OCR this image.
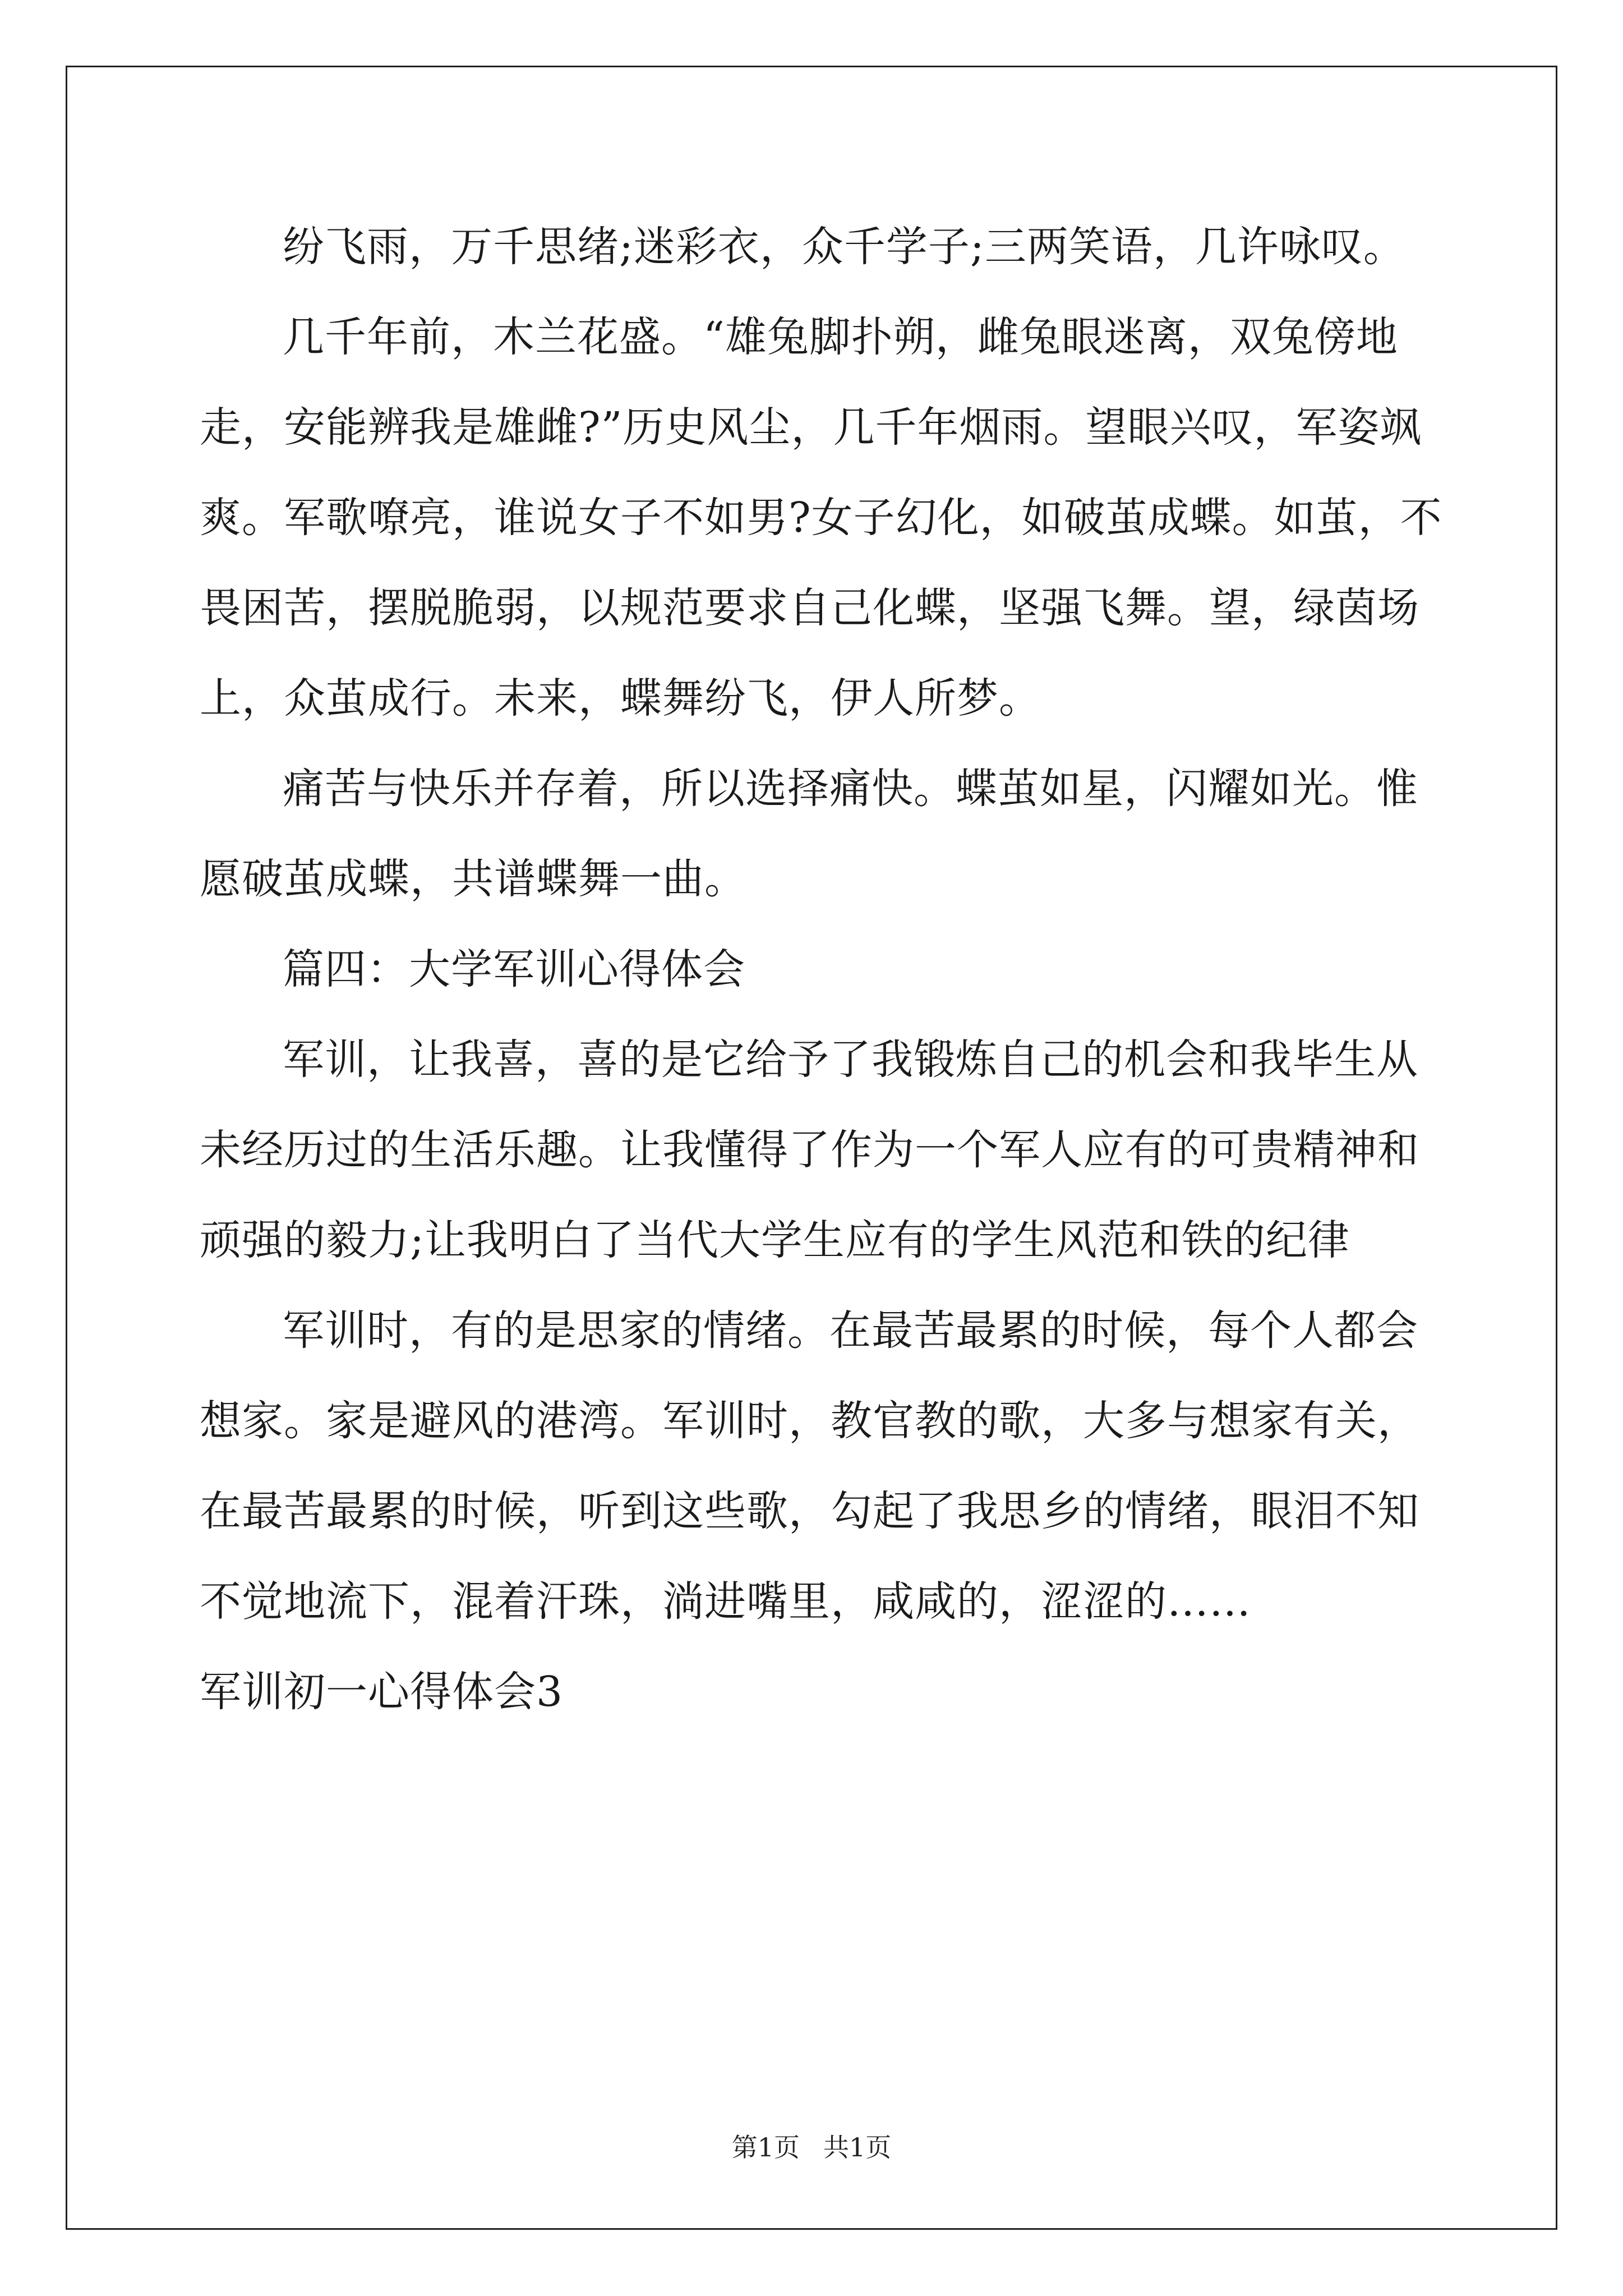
纷飞雨，万千思绪;迷彩衣，众千学子;三两笑语，几许咏叹。

几千年前，木兰花盛。“雄兔脚扑朔，雌兔眼迷离，双兔傍地走，安能辨我是雄雌?”历史风尘，几千年烟雨。望眼兴叹，军姿飒爽。军歌嘹亮，谁说女子不如男?女子幻化，如破茧成蝶。如茧，不畏困苦，摆脱脆弱，以规范要求自己化蝶，坚强飞舞。望，绿茵场上，众茧成行。未来，蝶舞纷飞，伊人所梦。

痛苦与快乐并存着，所以选择痛快。蝶茧如星，闪耀如光。惟愿破茧成蝶，共谱蝶舞一曲。

篇四：大学军训心得体会

军训，让我喜，喜的是它给予了我锻炼自己的机会和我毕生从未经历过的生活乐趣。让我懂得了作为一个军人应有的可贵精神和顽强的毅力;让我明白了当代大学生应有的学生风范和铁的纪律

军训时，有的是思家的情绪。在最苦最累的时候，每个人都会想家。家是避风的港湾。军训时，教官教的歌，大多与想家有关，在最苦最累的时候，听到这些歌，勾起了我思乡的情绪，眼泪不知不觉地流下，混着汗珠，淌进嘴里，咸咸的，涩涩的……

军训初一心得体会3

第1页 共1页
